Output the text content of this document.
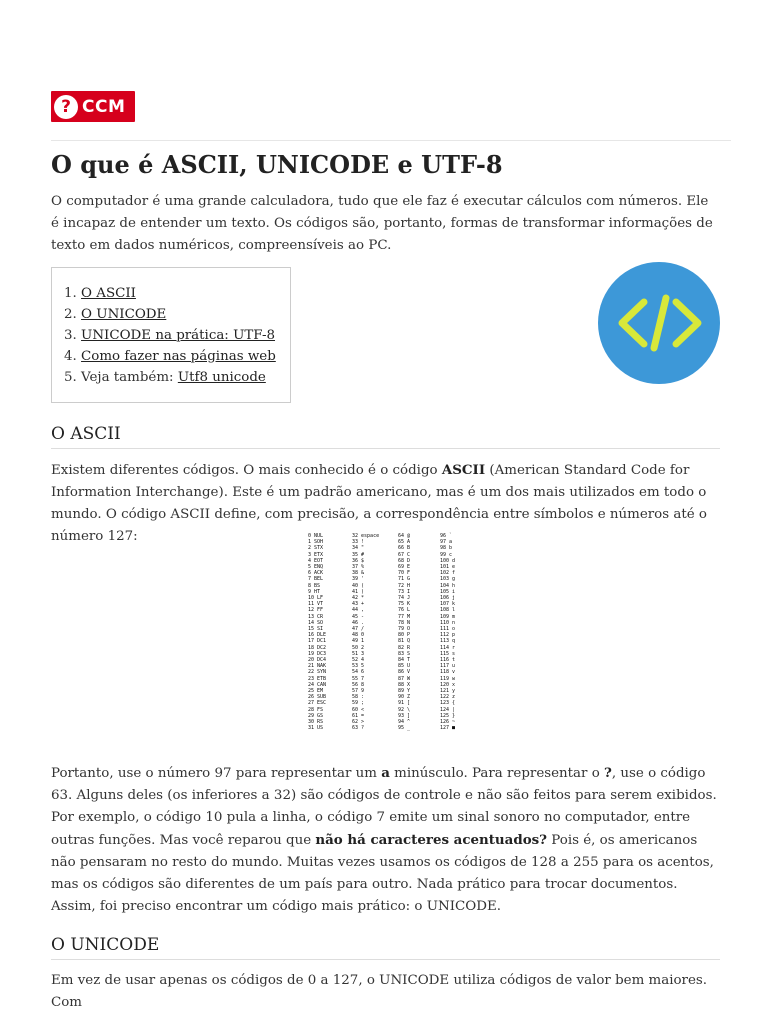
? CCM
O que é ASCII, UNICODE e UTF-8

O computador é uma grande calculadora, tudo que ele faz é executar cálculos com números. Ele é incapaz de entender um texto. Os códigos são, portanto, formas de transformar informações de texto em dados numéricos, compreensíveis ao PC.

1. O ASCII
2. O UNICODE
3. UNICODE na prática: UTF-8
4. Como fazer nas páginas web
5. Veja também: Utf8 unicode
O ASCII

Existem diferentes códigos. O mais conhecido é o código ASCII (American Standard Code for Information Interchange). Este é um padrão americano, mas é um dos mais utilizados em todo o mundo. O código ASCII define, com precisão, a correspondência entre símbolos e números até o número 127:	0 NUL
1 SOH
2 STX
3 ETX
4 EOT
5 ENQ
6 ACK
7 BEL
8 BS
9 HT
10 LF
11 VT
12 FF
13 CR
14 SO
15 SI
16 DLE
17 DC1
18 DC2
19 DC3
20 DC4
21 NAK
22 SYN
23 ETB
24 CAN
25 EM
26 SUB
27 ESC
28 FS
29 GS
30 RS
31 US
32 espace
33 !
34 "
35 #
36 $
37 %
38 &
39 '
40 (
41 )
42 *
43 +
44 ,
45 -
46 .
47 /
48 0
49 1
50 2
51 3
52 4
53 5
54 6
55 7
56 8
57 9
58 :
59 ;
60 <
61 =
62 >
63 ?
64 @
65 A
66 B
67 C
68 D
69 E
70 F
71 G
72 H
73 I
74 J
75 K
76 L
77 M
78 N
79 O
80 P
81 Q
82 R
83 S
84 T
85 U
86 V
87 W
88 X
89 Y
90 Z
91 [
92 \
93 ]
94 ^
95 _
96 `
97 a
98 b
99 c
100 d
101 e
102 f
103 g
104 h
105 i
106 j
107 k
108 l
109 m
110 n
111 o
112 p
113 q
114 r
115 s
116 t
117 u
118 v
119 w
120 x
121 y
122 z
123 {
124 |
125 }
126 ~
127 ■

Portanto, use o número 97 para representar um a minúsculo. Para representar o ?, use o código 63. Alguns deles (os inferiores a 32) são códigos de controle e não são feitos para serem exibidos. Por exemplo, o código 10 pula a linha, o código 7 emite um sinal sonoro no computador, entre outras funções. Mas você reparou que não há caracteres acentuados? Pois é, os americanos não pensaram no resto do mundo. Muitas vezes usamos os códigos de 128 a 255 para os acentos, mas os códigos são diferentes de um país para outro. Nada prático para trocar documentos. Assim, foi preciso encontrar um código mais prático: o UNICODE.

O UNICODE

Em vez de usar apenas os códigos de 0 a 127, o UNICODE utiliza códigos de valor bem maiores. Com
